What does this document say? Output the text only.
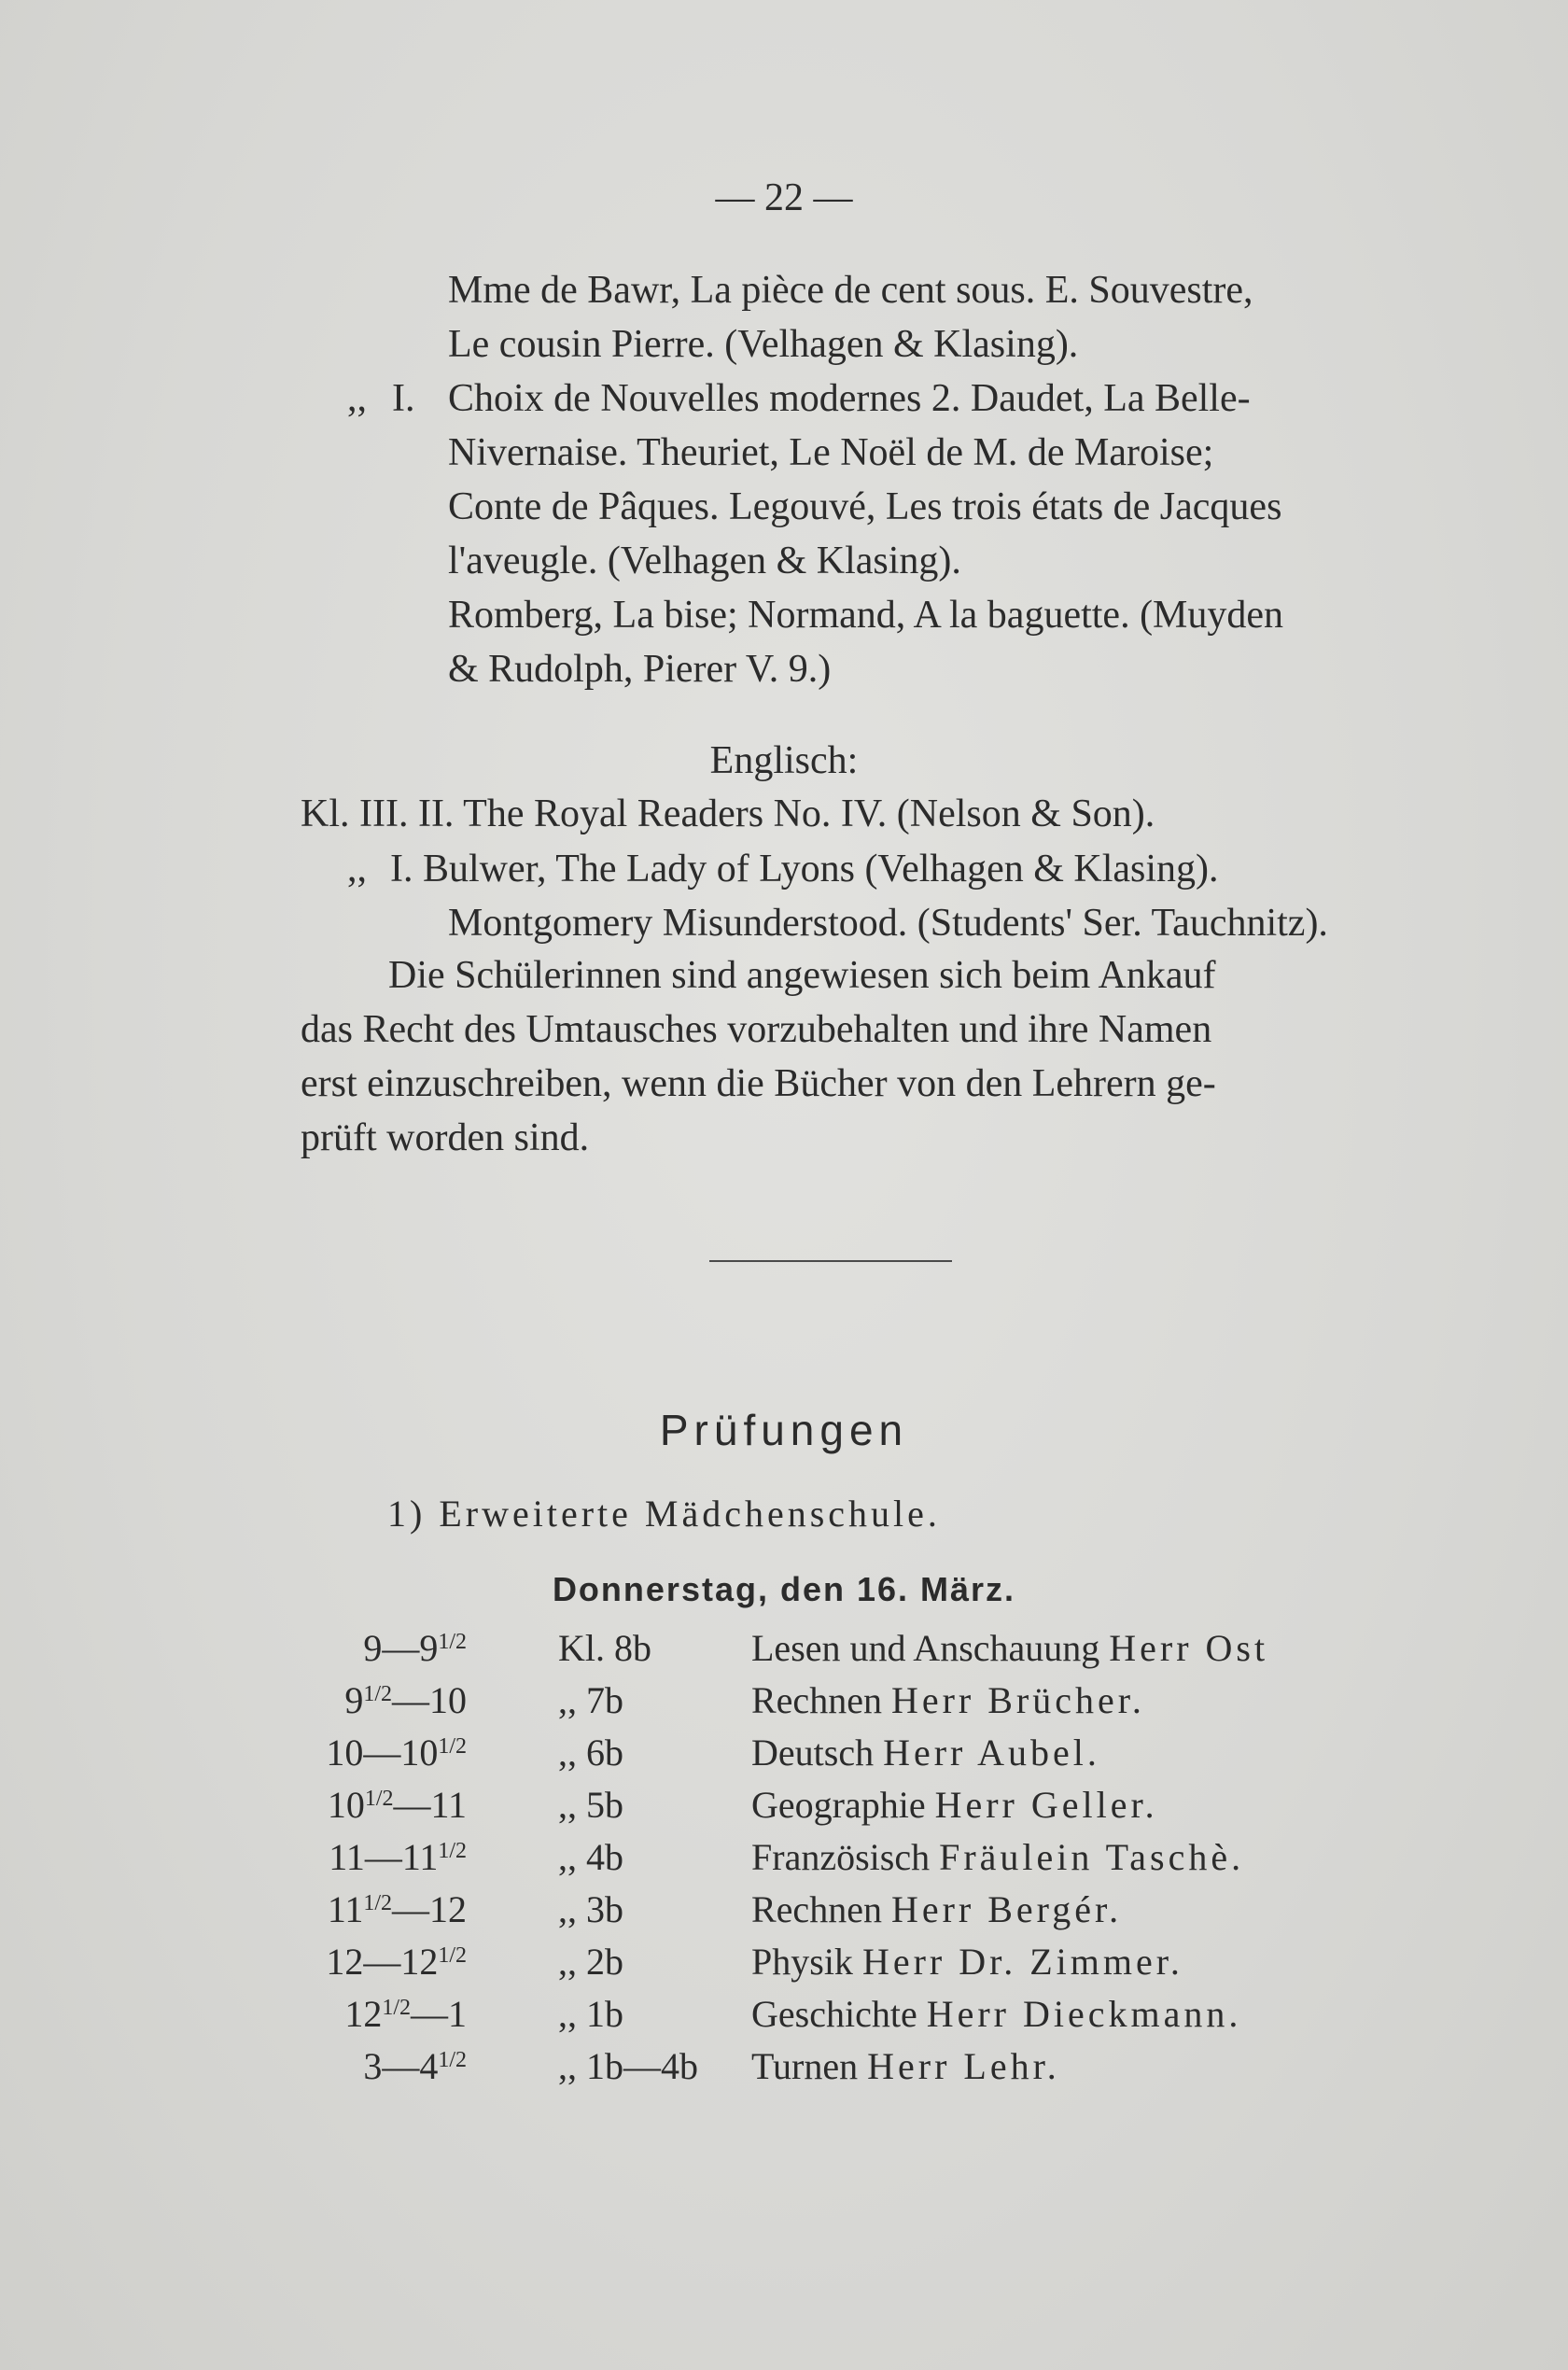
— 22 —
Mme de Bawr, La pièce de cent sous. E. Souvestre,
Le cousin Pierre. (Velhagen & Klasing).
,, I. Choix de Nouvelles modernes 2. Daudet, La Belle-
Nivernaise. Theuriet, Le Noël de M. de Maroise;
Conte de Pâques. Legouvé, Les trois états de Jacques
l'aveugle. (Velhagen & Klasing).
Romberg, La bise; Normand, A la baguette. (Muyden
& Rudolph, Pierer V. 9.)
Englisch:
Kl. III. II. The Royal Readers No. IV. (Nelson & Son).
,, I. Bulwer, The Lady of Lyons (Velhagen & Klasing).
Montgomery Misunderstood. (Students' Ser. Tauchnitz).
Die Schülerinnen sind angewiesen sich beim Ankauf
das Recht des Umtausches vorzubehalten und ihre Namen
erst einzuschreiben, wenn die Bücher von den Lehrern ge-
prüft worden sind.
Prüfungen
1) Erweiterte Mädchenschule.
Donnerstag, den 16. März.
$9—9^{1/2}$ Kl. 8b	Lesen und Anschauung Herr Ost
$9^{1/2}—10$ ,, 7b	Rechnen Herr Brücher.
$10—10^{1/2}$ ,, 6b	Deutsch Herr Aubel.
$10^{1/2}—11$ ,, 5b	Geographie Herr Geller.
$11—11^{1/2}$ ,, 4b	Französisch Fräulein Taschè.
$11^{1/2}—12$ ,, 3b	Rechnen Herr Bergér.
$12—12^{1/2}$ ,, 2b	Physik Herr Dr. Zimmer.
$12^{1/2}—1$ ,, 1b	Geschichte Herr Dieckmann.
$3—4^{1/2}$ ,, 1b—4b Turnen Herr Lehr.
